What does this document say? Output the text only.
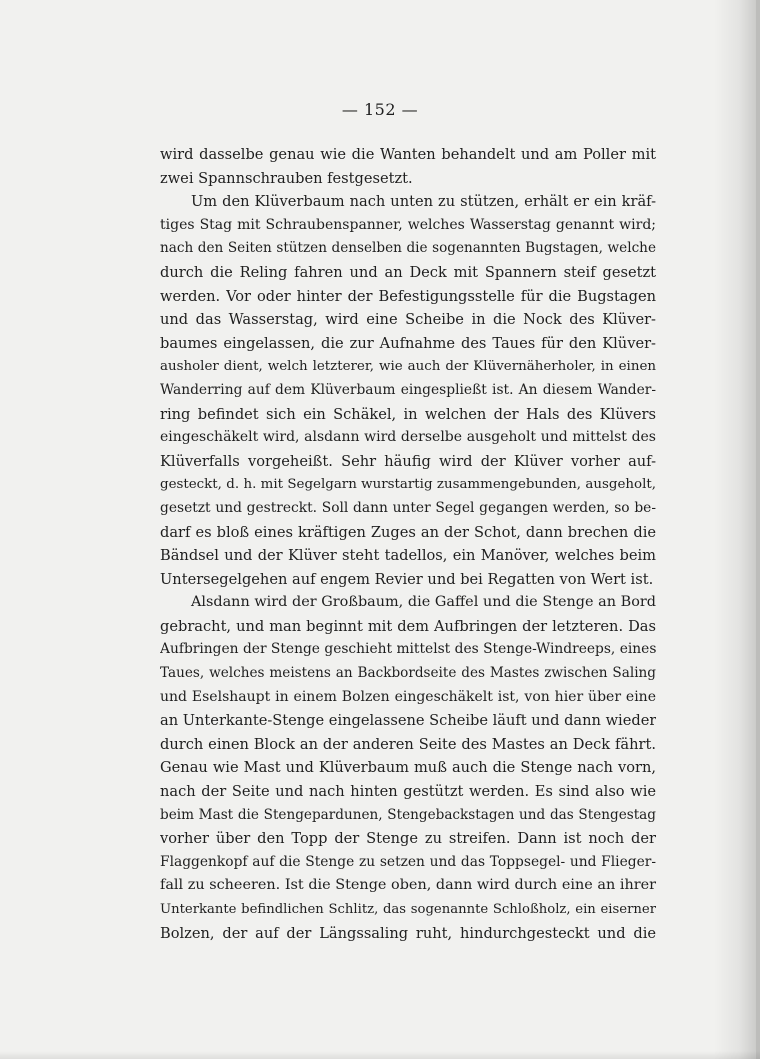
— 152 —
wird dasselbe genau wie die Wanten behandelt und am Poller mit
zwei Spannschrauben festgesetzt.
Um den Klüverbaum nach unten zu stützen, erhält er ein kräf-
tiges Stag mit Schraubenspanner, welches Wasserstag genannt wird;
nach den Seiten stützen denselben die sogenannten Bugstagen, welche
durch die Reling fahren und an Deck mit Spannern steif gesetzt
werden. Vor oder hinter der Befestigungsstelle für die Bugstagen
und das Wasserstag, wird eine Scheibe in die Nock des Klüver-
baumes eingelassen, die zur Aufnahme des Taues für den Klüver-
ausholer dient, welch letzterer, wie auch der Klüvernäherholer, in einen
Wanderring auf dem Klüverbaum eingespließt ist. An diesem Wander-
ring befindet sich ein Schäkel, in welchen der Hals des Klüvers
eingeschäkelt wird, alsdann wird derselbe ausgeholt und mittelst des
Klüverfalls vorgeheißt. Sehr häufig wird der Klüver vorher auf-
gesteckt, d. h. mit Segelgarn wurstartig zusammengebunden, ausgeholt,
gesetzt und gestreckt. Soll dann unter Segel gegangen werden, so be-
darf es bloß eines kräftigen Zuges an der Schot, dann brechen die
Bändsel und der Klüver steht tadellos, ein Manöver, welches beim
Untersegelgehen auf engem Revier und bei Regatten von Wert ist.
Alsdann wird der Großbaum, die Gaffel und die Stenge an Bord
gebracht, und man beginnt mit dem Aufbringen der letzteren. Das
Aufbringen der Stenge geschieht mittelst des Stenge-Windreeps, eines
Taues, welches meistens an Backbordseite des Mastes zwischen Saling
und Eselshaupt in einem Bolzen eingeschäkelt ist, von hier über eine
an Unterkante-Stenge eingelassene Scheibe läuft und dann wieder
durch einen Block an der anderen Seite des Mastes an Deck fährt.
Genau wie Mast und Klüverbaum muß auch die Stenge nach vorn,
nach der Seite und nach hinten gestützt werden. Es sind also wie
beim Mast die Stengepardunen, Stengebackstagen und das Stengestag
vorher über den Topp der Stenge zu streifen. Dann ist noch der
Flaggenkopf auf die Stenge zu setzen und das Toppsegel- und Flieger-
fall zu scheeren. Ist die Stenge oben, dann wird durch eine an ihrer
Unterkante befindlichen Schlitz, das sogenannte Schloßholz, ein eiserner
Bolzen, der auf der Längssaling ruht, hindurchgesteckt und die
